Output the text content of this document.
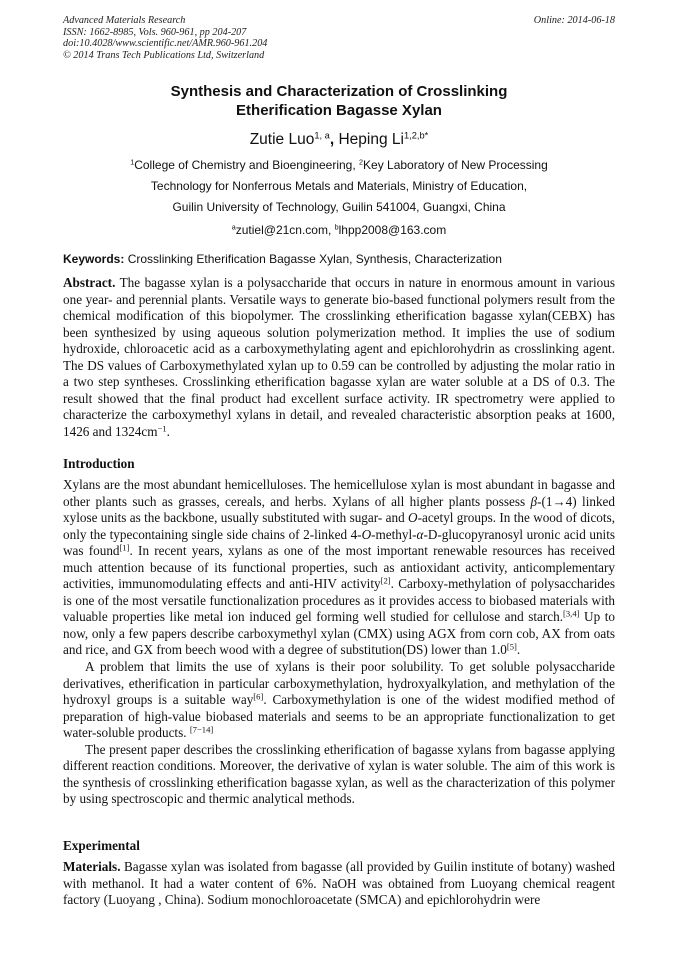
Advanced Materials Research
ISSN: 1662-8985, Vols. 960-961, pp 204-207
doi:10.4028/www.scientific.net/AMR.960-961.204
© 2014 Trans Tech Publications Ltd, Switzerland
Online: 2014-06-18
Synthesis and Characterization of Crosslinking
Etherification Bagasse Xylan
Zutie Luo$^{1, a}$, Heping $Li^{1,2,b*}$
$^1$College of Chemistry and Bioengineering, $^2$Key Laboratory of New Processing
Technology for Nonferrous Metals and Materials, Ministry of Education,
Guilin University of Technology, Guilin 541004, Guangxi, China
$^a$zutiel@21cn.com, $^b$lhpp2008@163.com
Keywords: Crosslinking Etherification Bagasse Xylan, Synthesis, Characterization

Abstract. The bagasse xylan is a polysaccharide that occurs in nature in enormous amount in various one year- and perennial plants. Versatile ways to generate bio-based functional polymers result from the chemical modification of this biopolymer. The crosslinking etherification bagasse xylan(CEBX) has been synthesized by using aqueous solution polymerization method. It implies the use of sodium hydroxide, chloroacetic acid as a carboxymethylating agent and epichlorohydrin as crosslinking agent. The DS values of Carboxymethylated xylan up to 0.59 can be controlled by adjusting the molar ratio in a two step syntheses. Crosslinking etherification bagasse xylan are water soluble at a DS of 0.3. The result showed that the final product had excellent surface activity. IR spectrometry were applied to characterize the carboxymethyl xylans in detail, and revealed characteristic absorption peaks at 1600, 1426 and $1324cm^{-1}$.

Introduction

Xylans are the most abundant hemicelluloses. The hemicellulose xylan is most abundant in bagasse and other plants such as grasses, cereals, and herbs. Xylans of all higher plants possess β-(1→4) linked xylose units as the backbone, usually substituted with sugar- and O-acetyl groups. In the wood of dicots, only the typecontaining single side chains of 2-linked 4-O-methyl-α-D-glucopyranosyl uronic acid units was found[1]. In recent years, xylans as one of the most important renewable resources has received much attention because of its functional properties, such as antioxidant activity, anticomplementary activities, immunomodulating effects and anti-HIV activity[2]. Carboxy-methylation of polysaccharides is one of the most versatile functionalization procedures as it provides access to biobased materials with valuable properties like metal ion induced gel forming well studied for cellulose and starch.[3,4] Up to now, only a few papers describe carboxymethyl xylan (CMX) using AGX from corn cob, AX from oats and rice, and GX from beech wood with a degree of substitution(DS) lower than 1.0[5].

A problem that limits the use of xylans is their poor solubility. To get soluble polysaccharide derivatives, etherification in particular carboxymethylation, hydroxyalkylation, and methylation of the hydroxyl groups is a suitable way[6]. Carboxymethylation is one of the widest modified method of preparation of high-value biobased materials and seems to be an appropriate functionalization to get water-soluble products. [7−14]

The present paper describes the crosslinking etherification of bagasse xylans from bagasse applying different reaction conditions. Moreover, the derivative of xylan is water soluble. The aim of this work is the synthesis of crosslinking etherification bagasse xylan, as well as the characterization of this polymer by using spectroscopic and thermic analytical methods.

Experimental

Materials. Bagasse xylan was isolated from bagasse (all provided by Guilin institute of botany) washed with methanol. It had a water content of 6%. NaOH was obtained from Luoyang chemical reagent factory (Luoyang , China). Sodium monochloroacetate (SMCA) and epichlorohydrin were
